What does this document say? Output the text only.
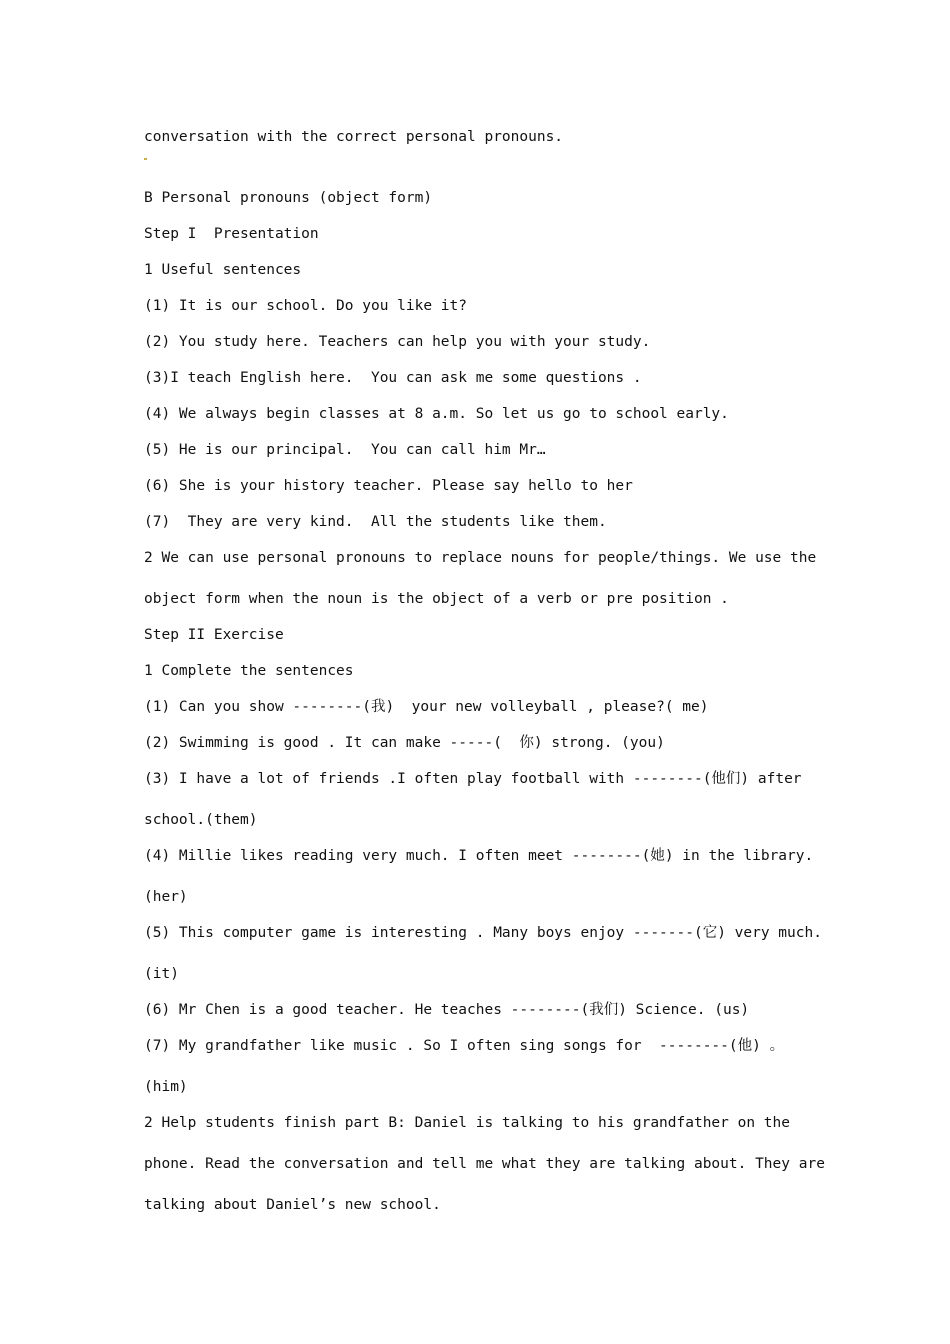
conversation with the correct personal pronouns.
B Personal pronouns (object form)
Step I  Presentation
1 Useful sentences
(1) It is our school. Do you like it?
(2) You study here. Teachers can help you with your study.
(3)I teach English here.  You can ask me some questions .
(4) We always begin classes at 8 a.m. So let us go to school early.
(5) He is our principal.  You can call him Mr…
(6) She is your history teacher. Please say hello to her
(7)  They are very kind.  All the students like them.
2 We can use personal pronouns to replace nouns for people/things. We use the
object form when the noun is the object of a verb or pre position .
Step II Exercise
1 Complete the sentences
(1) Can you show --------(我)  your new volleyball , please?( me)
(2) Swimming is good . It can make -----(  你) strong. (you)
(3) I have a lot of friends .I often play football with --------(他们) after
school.(them)
(4) Millie likes reading very much. I often meet --------(她) in the library.
(her)
(5) This computer game is interesting . Many boys enjoy -------(它) very much.
(it)
(6) Mr Chen is a good teacher. He teaches --------(我们) Science. (us)
(7) My grandfather like music . So I often sing songs for  --------(他) 。
(him)
2 Help students finish part B: Daniel is talking to his grandfather on the
phone. Read the conversation and tell me what they are talking about. They are
talking about Daniel’s new school.
